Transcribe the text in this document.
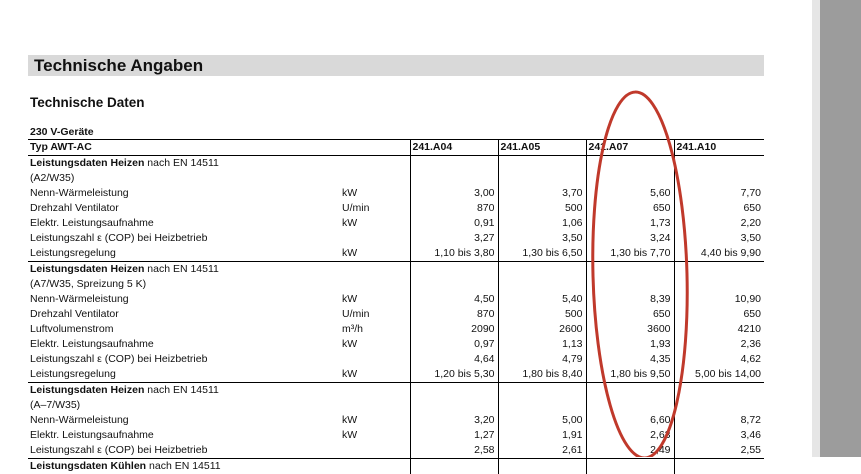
Technische Angaben
Technische Daten
230 V-Geräte
Typ AWT-AC		241.A04	241.A05	241.A07	241.A10
Leistungsdaten Heizen nach EN 14511					
(A2/W35)					
Nenn-Wärmeleistung	kW	3,00	3,70	5,60	7,70
Drehzahl Ventilator	U/min	870	500	650	650
Elektr. Leistungsaufnahme	kW	0,91	1,06	1,73	2,20
Leistungszahl ε (COP) bei Heizbetrieb		3,27	3,50	3,24	3,50
Leistungsregelung	kW	1,10 bis 3,80	1,30 bis 6,50	1,30 bis 7,70	4,40 bis 9,90
Leistungsdaten Heizen nach EN 14511					
(A7/W35, Spreizung 5 K)					
Nenn-Wärmeleistung	kW	4,50	5,40	8,39	10,90
Drehzahl Ventilator	U/min	870	500	650	650
Luftvolumenstrom	m³/h	2090	2600	3600	4210
Elektr. Leistungsaufnahme	kW	0,97	1,13	1,93	2,36
Leistungszahl ε (COP) bei Heizbetrieb		4,64	4,79	4,35	4,62
Leistungsregelung	kW	1,20 bis 5,30	1,80 bis 8,40	1,80 bis 9,50	5,00 bis 14,00
Leistungsdaten Heizen nach EN 14511					
(A–7/W35)					
Nenn-Wärmeleistung	kW	3,20	5,00	6,60	8,72
Elektr. Leistungsaufnahme	kW	1,27	1,91	2,63	3,46
Leistungszahl ε (COP) bei Heizbetrieb		2,58	2,61	2,49	2,55
Leistungsdaten Kühlen nach EN 14511					
